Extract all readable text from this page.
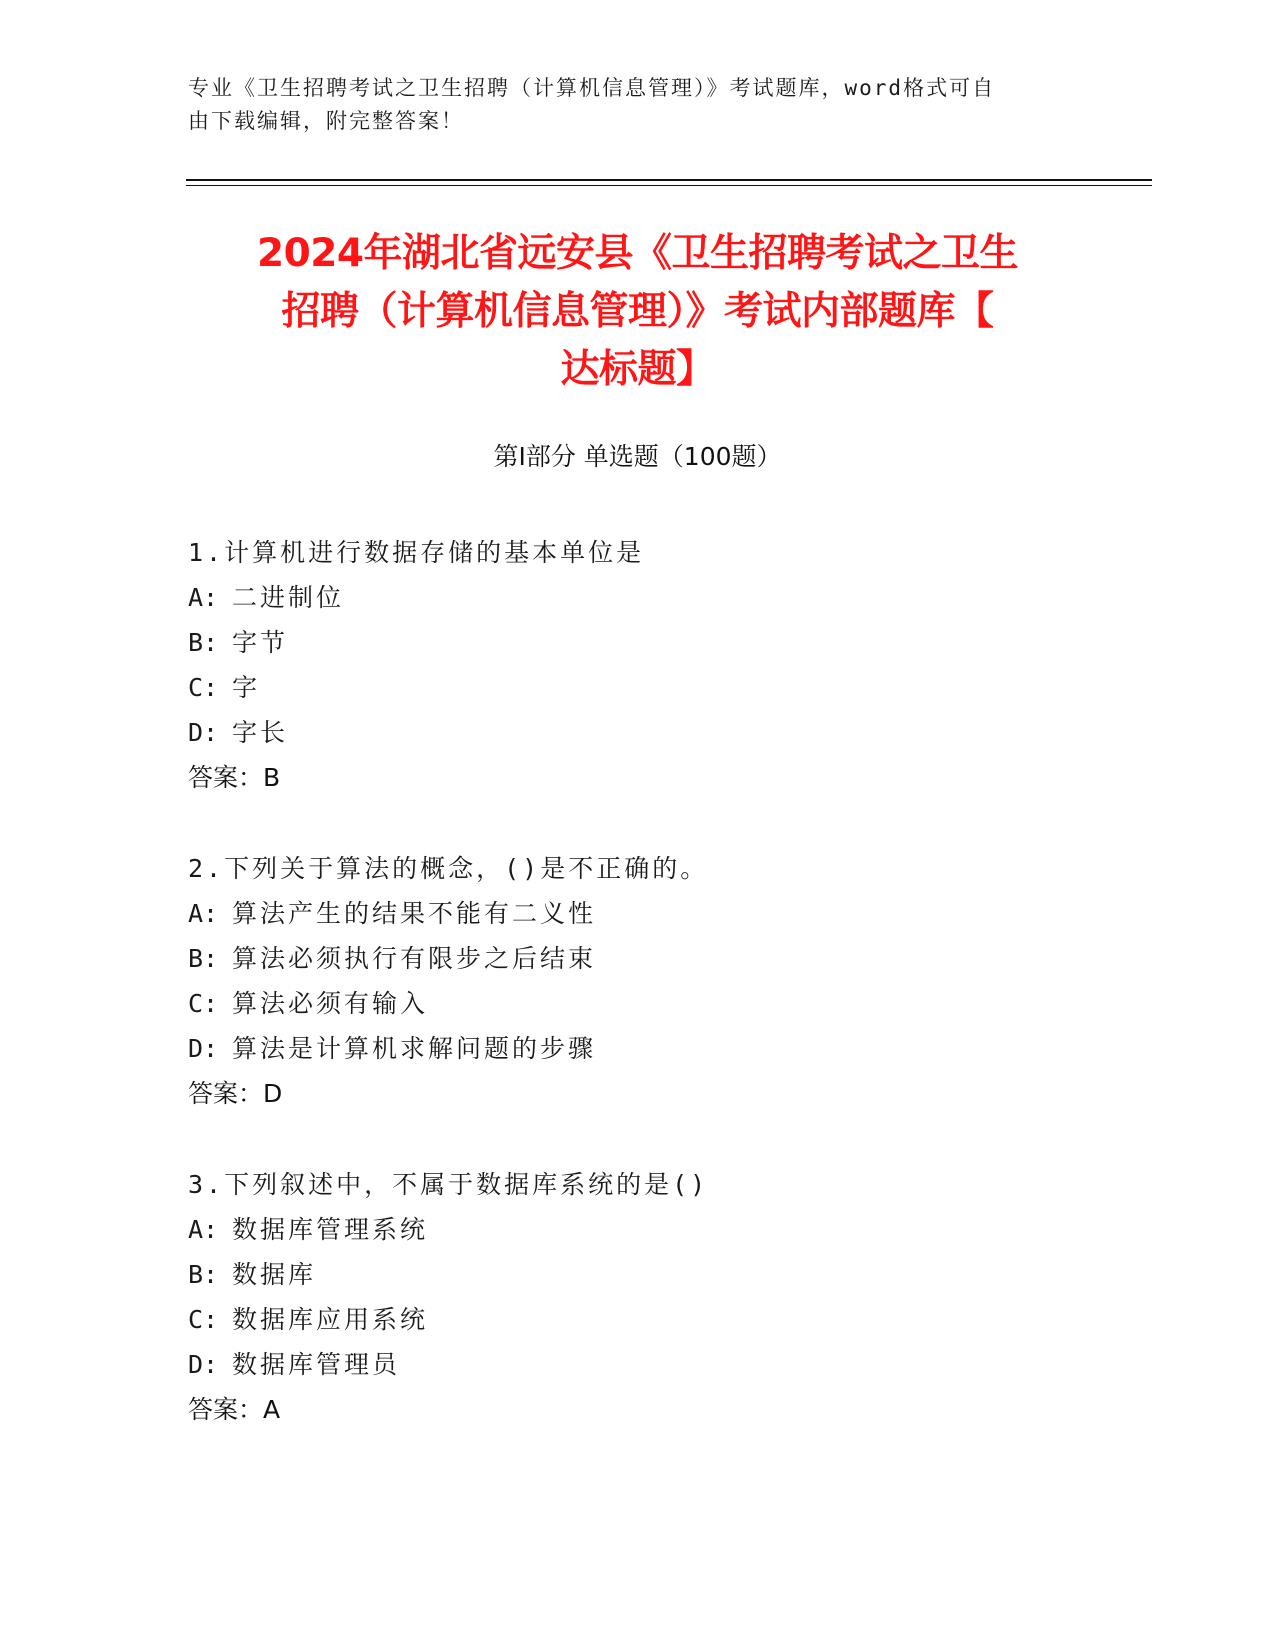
专业《卫生招聘考试之卫生招聘（计算机信息管理）》考试题库，word格式可自
由下载编辑，附完整答案！
2024年湖北省远安县《卫生招聘考试之卫生
招聘（计算机信息管理）》考试内部题库【
达标题】
第Ⅰ部分 单选题（100题）
1.计算机进行数据存储的基本单位是
A: 二进制位
B: 字节
C: 字
D: 字长
答案：B
2.下列关于算法的概念，()是不正确的。
A: 算法产生的结果不能有二义性
B: 算法必须执行有限步之后结束
C: 算法必须有输入
D: 算法是计算机求解问题的步骤
答案：D
3.下列叙述中，不属于数据库系统的是()
A: 数据库管理系统
B: 数据库
C: 数据库应用系统
D: 数据库管理员
答案：A
